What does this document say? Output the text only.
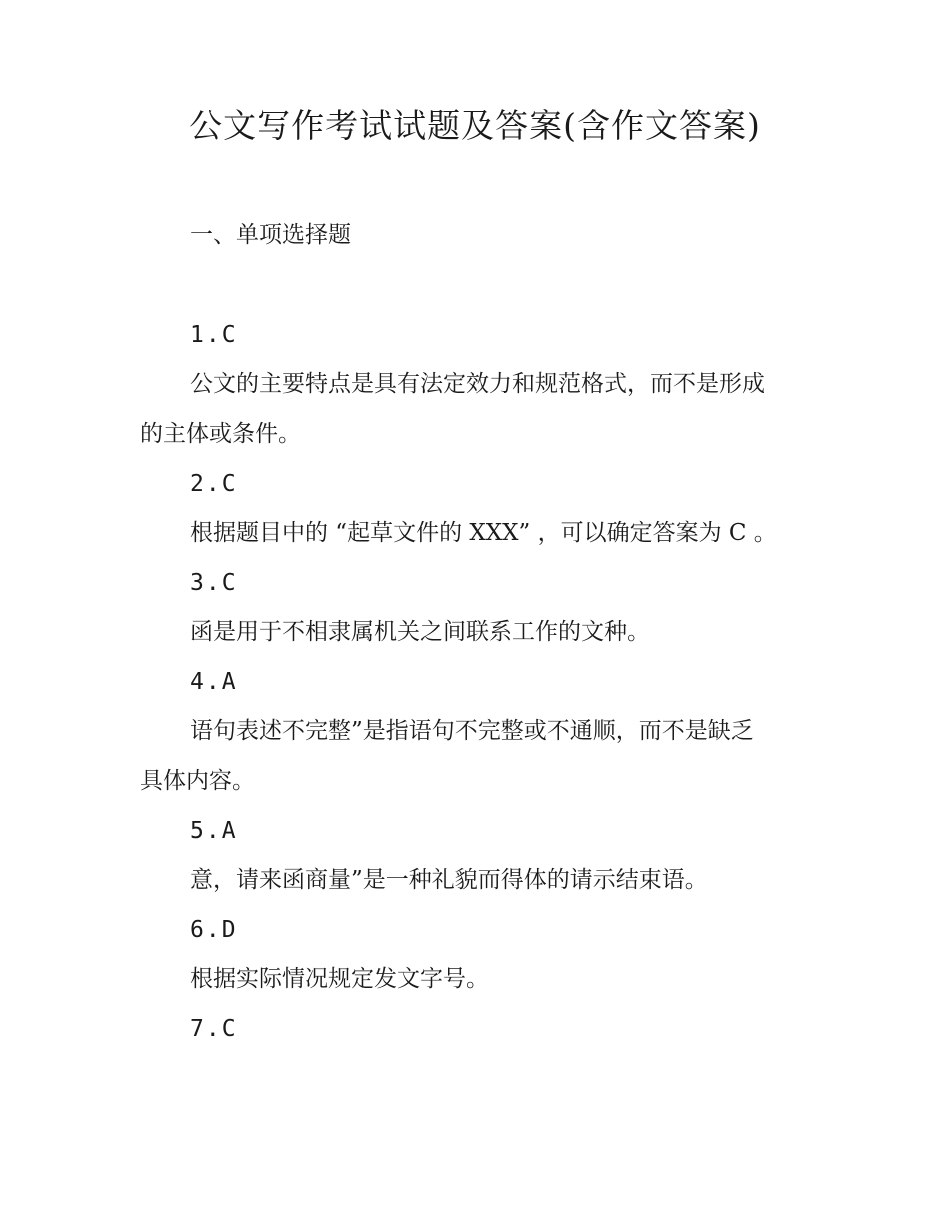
公文写作考试试题及答案(含作文答案)

一、单项选择题

1.C

公文的主要特点是具有法定效力和规范格式，而不是形成

的主体或条件。

2.C

根据题目中的 “起草文件的 XXX” ，可以确定答案为 C 。

3.C

函是用于不相隶属机关之间联系工作的文种。

4.A

语句表述不完整”是指语句不完整或不通顺，而不是缺乏

具体内容。

5.A

意，请来函商量”是一种礼貌而得体的请示结束语。

6.D

根据实际情况规定发文字号。

7.C
